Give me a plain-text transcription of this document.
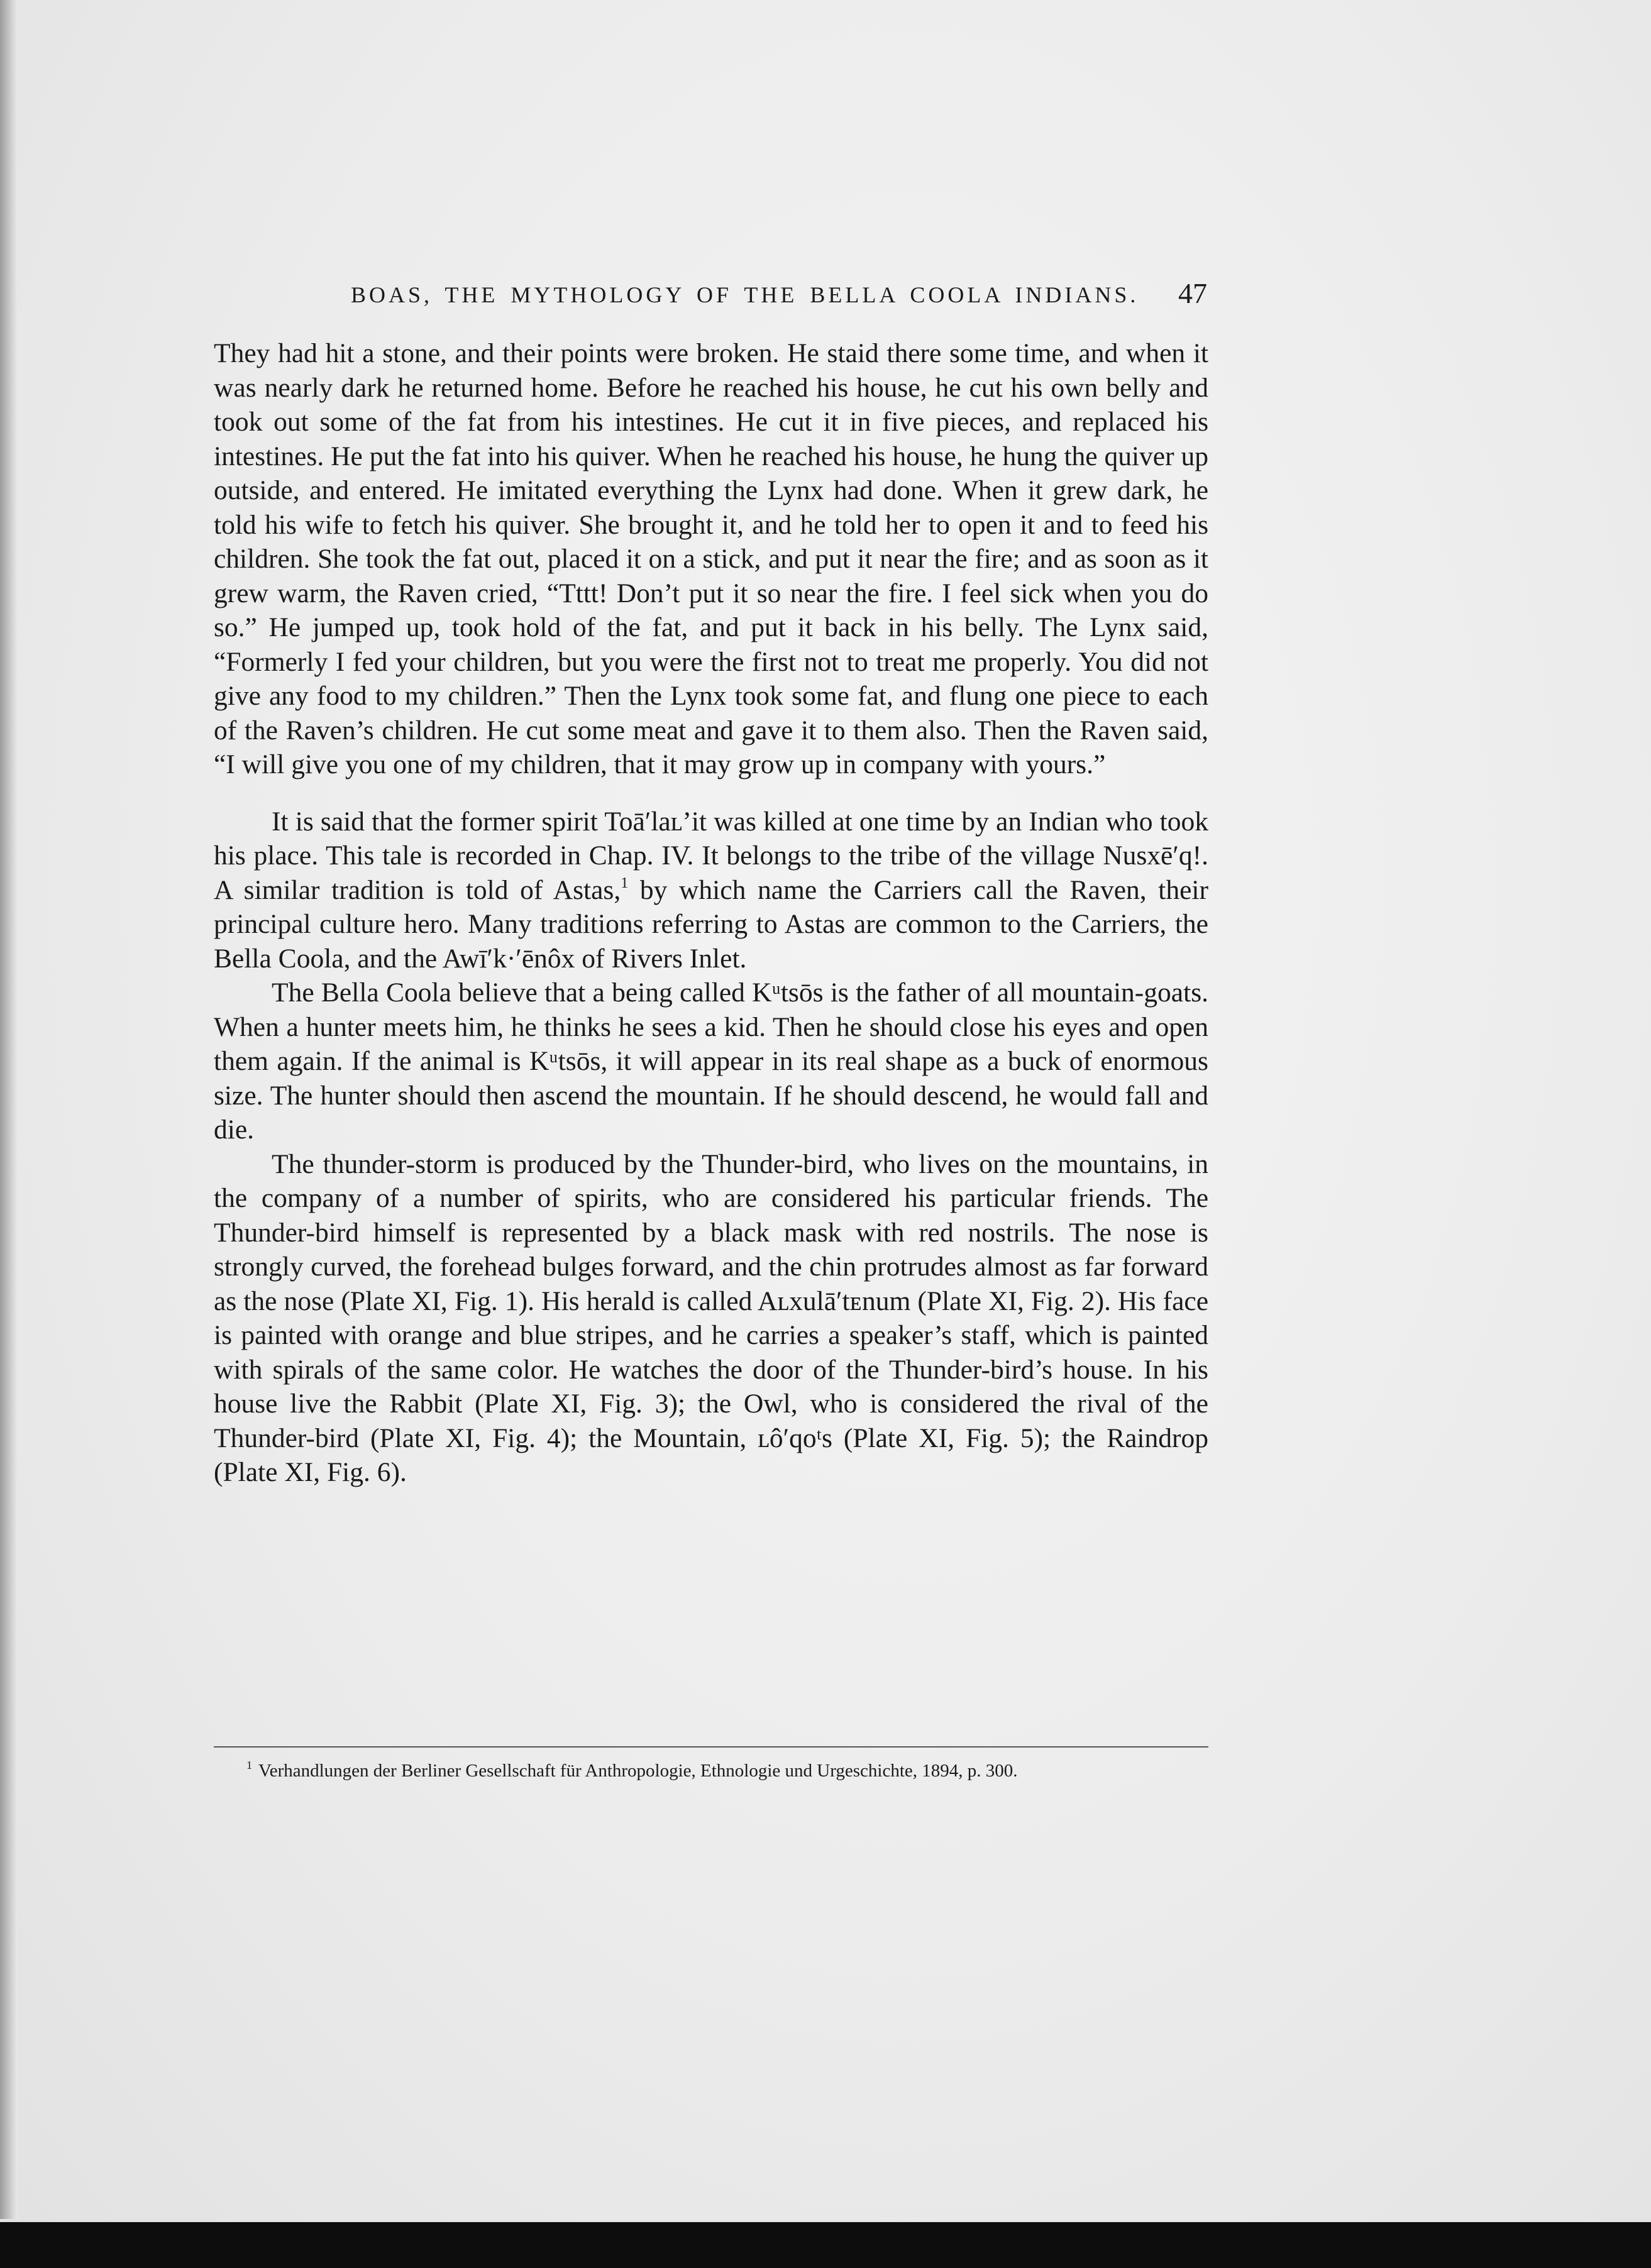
BOAS, THE MYTHOLOGY OF THE BELLA COOLA INDIANS. 47

They had hit a stone, and their points were broken. He staid there some time, and when it was nearly dark he returned home. Before he reached his house, he cut his own belly and took out some of the fat from his intestines. He cut it in five pieces, and replaced his intestines. He put the fat into his quiver. When he reached his house, he hung the quiver up outside, and entered. He imitated everything the Lynx had done. When it grew dark, he told his wife to fetch his quiver. She brought it, and he told her to open it and to feed his children. She took the fat out, placed it on a stick, and put it near the fire; and as soon as it grew warm, the Raven cried, “Tttt! Don’t put it so near the fire. I feel sick when you do so.” He jumped up, took hold of the fat, and put it back in his belly. The Lynx said, “Formerly I fed your children, but you were the first not to treat me properly. You did not give any food to my children.” Then the Lynx took some fat, and flung one piece to each of the Raven’s children. He cut some meat and gave it to them also. Then the Raven said, “I will give you one of my children, that it may grow up in company with yours.”

It is said that the former spirit Toā′laʟ’it was killed at one time by an Indian who took his place. This tale is recorded in Chap. IV. It belongs to the tribe of the village Nusxē′q!. A similar tradition is told of Astas,$^1$ by which name the Carriers call the Raven, their principal culture hero. Many traditions referring to Astas are common to the Carriers, the Bella Coola, and the Awī′k·′ēnôx of Rivers Inlet.

The Bella Coola believe that a being called Kᵘtsōs is the father of all mountain-goats. When a hunter meets him, he thinks he sees a kid. Then he should close his eyes and open them again. If the animal is Kᵘtsōs, it will appear in its real shape as a buck of enormous size. The hunter should then ascend the mountain. If he should descend, he would fall and die.

The thunder-storm is produced by the Thunder-bird, who lives on the mountains, in the company of a number of spirits, who are considered his particular friends. The Thunder-bird himself is represented by a black mask with red nostrils. The nose is strongly curved, the forehead bulges forward, and the chin protrudes almost as far forward as the nose (Plate XI, Fig. 1). His herald is called Aʟxulā′tᴇnum (Plate XI, Fig. 2). His face is painted with orange and blue stripes, and he carries a speaker’s staff, which is painted with spirals of the same color. He watches the door of the Thunder-bird’s house. In his house live the Rabbit (Plate XI, Fig. 3); the Owl, who is considered the rival of the Thunder-bird (Plate XI, Fig. 4); the Mountain, ʟô′qoᵗs (Plate XI, Fig. 5); the Raindrop (Plate XI, Fig. 6).

$^1$ Verhandlungen der Berliner Gesellschaft für Anthropologie, Ethnologie und Urgeschichte, 1894, p. 300.
